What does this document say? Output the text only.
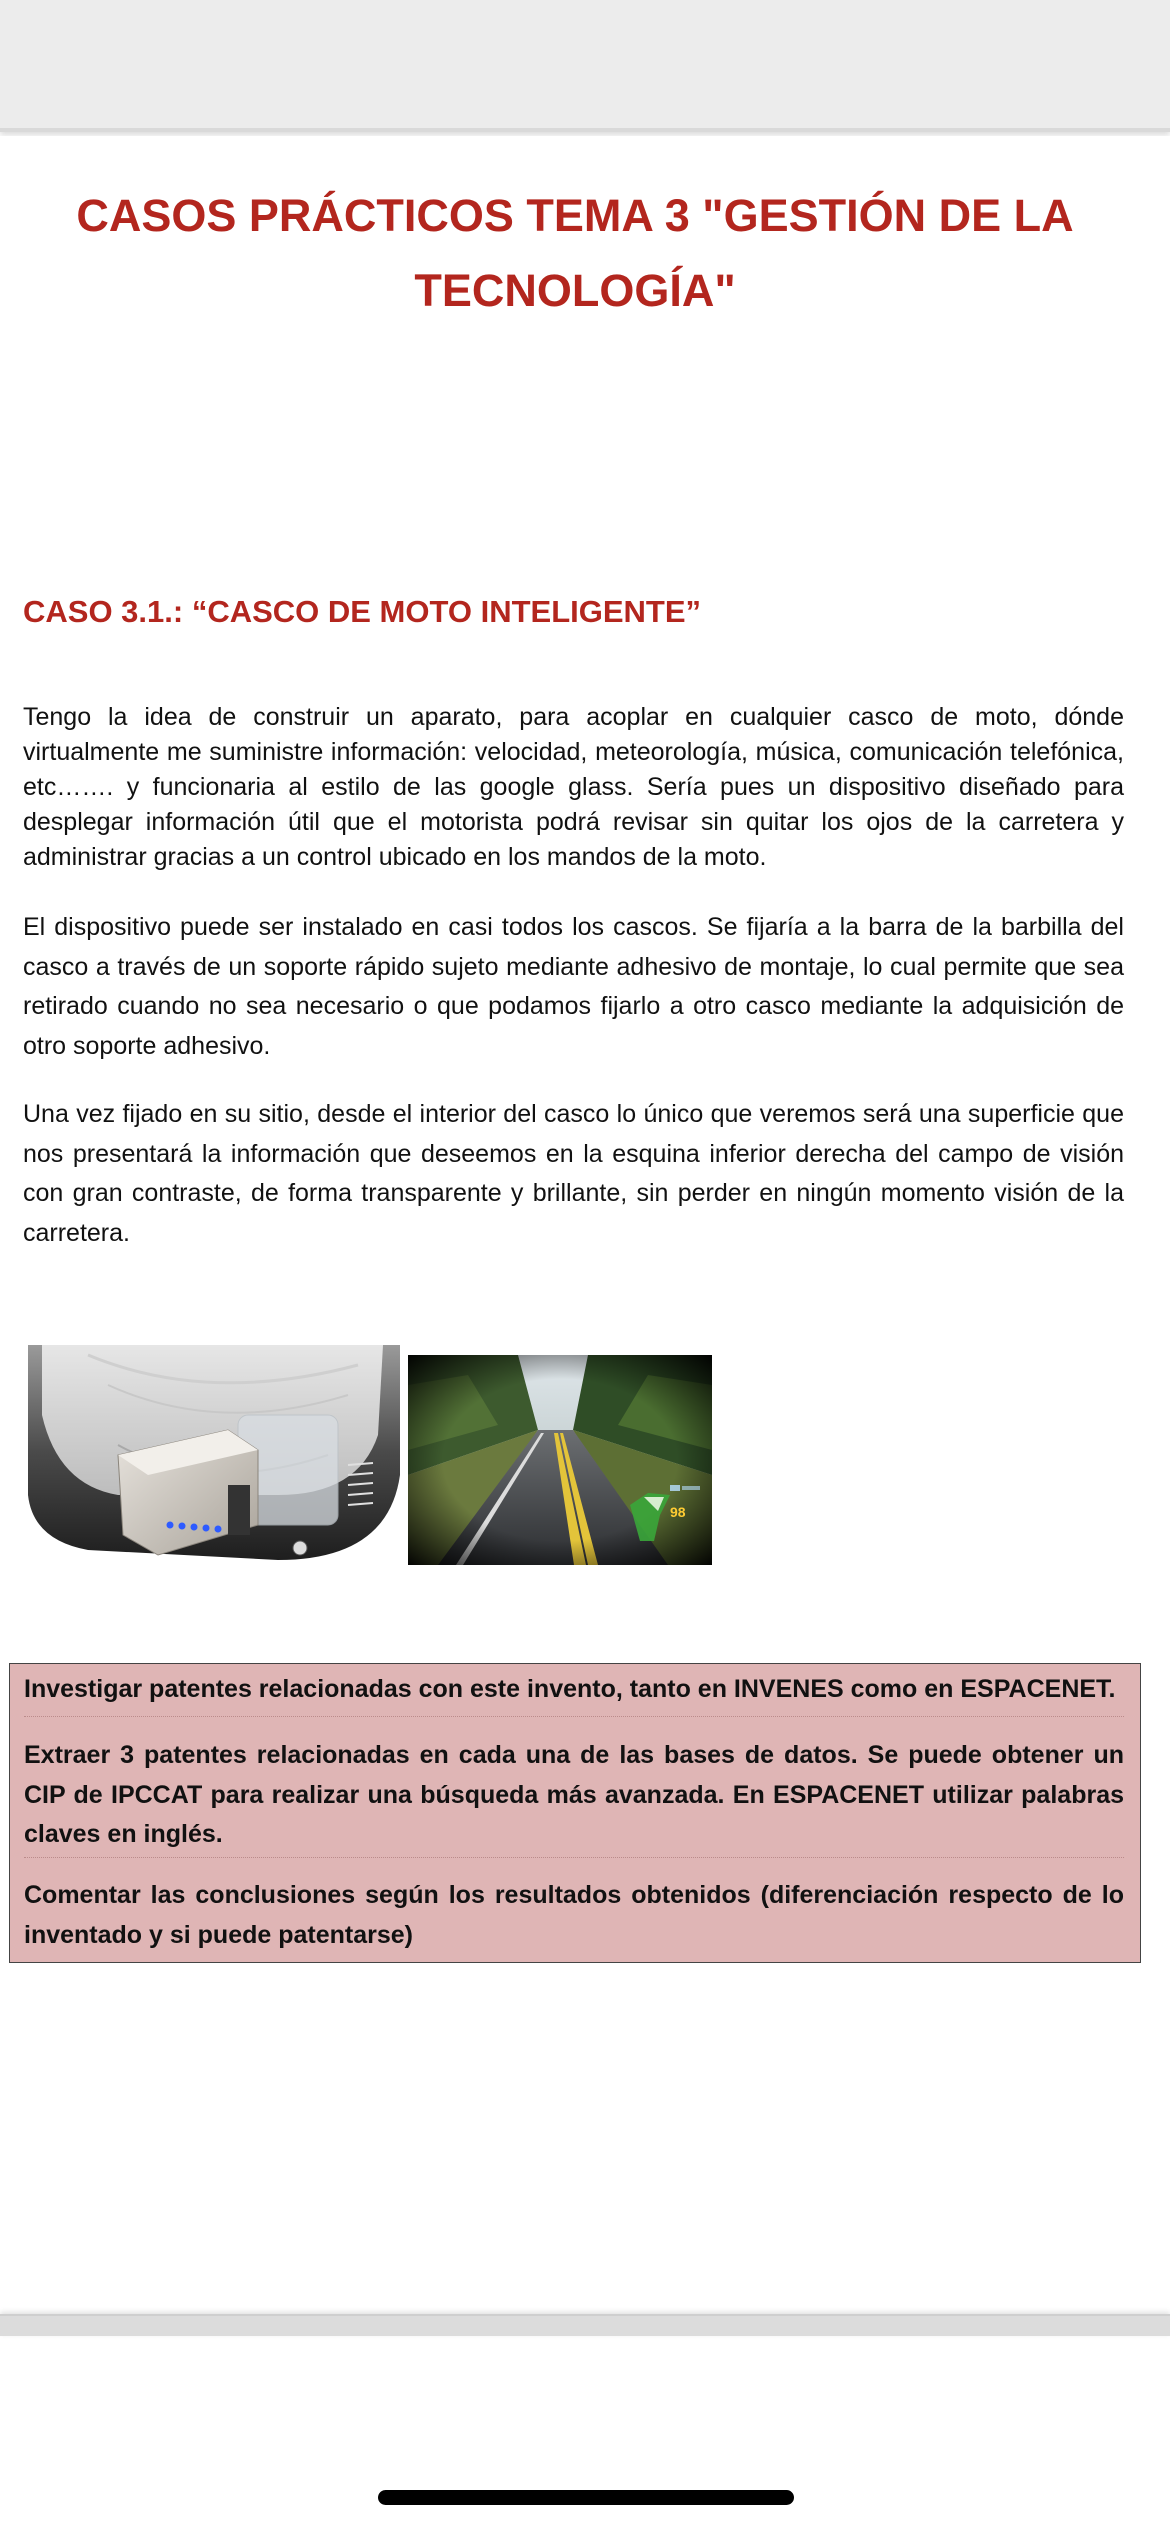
CASOS PRÁCTICOS TEMA 3 "GESTIÓN DE LA TECNOLOGÍA"
CASO 3.1.: “CASCO DE MOTO INTELIGENTE”

Tengo la idea de construir un aparato, para acoplar en cualquier casco de moto, dónde virtualmente me suministre información: velocidad, meteorología, música, comunicación telefónica, etc……. y funcionaria al estilo de las google glass. Sería pues un dispositivo diseñado para desplegar información útil que el motorista podrá revisar sin quitar los ojos de la carretera y administrar gracias a un control ubicado en los mandos de la moto.

El dispositivo puede ser instalado en casi todos los cascos. Se fijaría a la barra de la barbilla del casco a través de un soporte rápido sujeto mediante adhesivo de montaje, lo cual permite que sea retirado cuando no sea necesario o que podamos fijarlo a otro casco mediante la adquisición de otro soporte adhesivo.

Una vez fijado en su sitio, desde el interior del casco lo único que veremos será una superficie que nos presentará la información que deseemos en la esquina inferior derecha del campo de visión con gran contraste, de forma transparente y brillante, sin perder en ningún momento visión de la carretera.

98

Investigar patentes relacionadas con este invento, tanto en INVENES como en ESPACENET.

Extraer 3 patentes relacionadas en cada una de las bases de datos. Se puede obtener un CIP de IPCCAT para realizar una búsqueda más avanzada. En ESPACENET utilizar palabras claves en inglés.

Comentar las conclusiones según los resultados obtenidos (diferenciación respecto de lo inventado y si puede patentarse)
